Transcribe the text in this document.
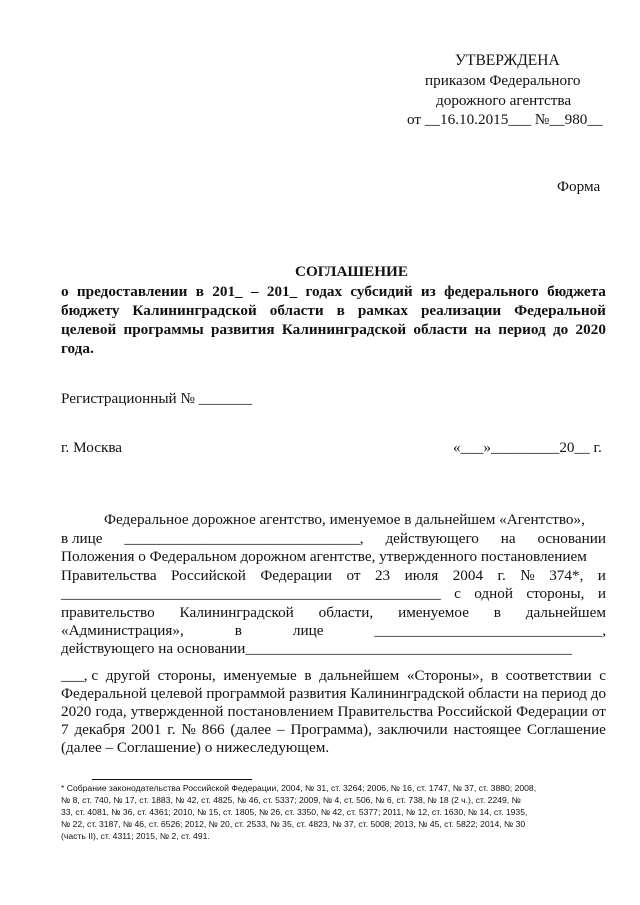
УТВЕРЖДЕНА
приказом Федерального
дорожного агентства
от __16.10.2015___ №__980__
Форма
СОГЛАШЕНИЕ
о предоставлении в 201_ – 201_ годах субсидий из федерального бюджета
бюджету Калининградской области в рамках реализации Федеральной
целевой программы развития Калининградской области на период до 2020
года.
Регистрационный № _______
г. Москва	«___»_________20__ г.
Федеральное дорожное агентство, именуемое в дальнейшем «Агентство»,
в лице _______________________________, действующего на основании
Положения о Федеральном дорожном агентстве, утвержденного постановлением
Правительства Российской Федерации от 23 июля 2004 г. № 374*, и
__________________________________________________ с одной стороны, и
правительство Калининградской области, именуемое в дальнейшем
«Администрация»,	в	лице	______________________________,
действующего на основании___________________________________________
___, с другой стороны, именуемые в дальнейшем «Стороны», в соответствии с
Федеральной целевой программой развития Калининградской области на период до
2020 года, утвержденной постановлением Правительства Российской Федерации от
7 декабря 2001 г. № 866 (далее – Программа), заключили настоящее Соглашение
(далее – Соглашение) о нижеследующем.
* Собрание законодательства Российской Федерации, 2004, № 31, ст. 3264; 2006, № 16, ст. 1747, № 37, ст. 3880; 2008,
№ 8, ст. 740, № 17, ст. 1883, № 42, ст. 4825, № 46, ст. 5337; 2009, № 4, ст. 506, № 6, ст. 738, № 18 (2 ч.), ст. 2249, №
33, ст. 4081, № 36, ст. 4361; 2010, № 15, ст. 1805, № 26, ст. 3350, № 42, ст. 5377; 2011, № 12, ст. 1630, № 14, ст. 1935,
№ 22, ст. 3187, № 46, ст. 6526; 2012, № 20, ст. 2533, № 35, ст. 4823, № 37, ст. 5008; 2013, № 45, ст. 5822; 2014, № 30
(часть II), ст. 4311; 2015, № 2, ст. 491.
